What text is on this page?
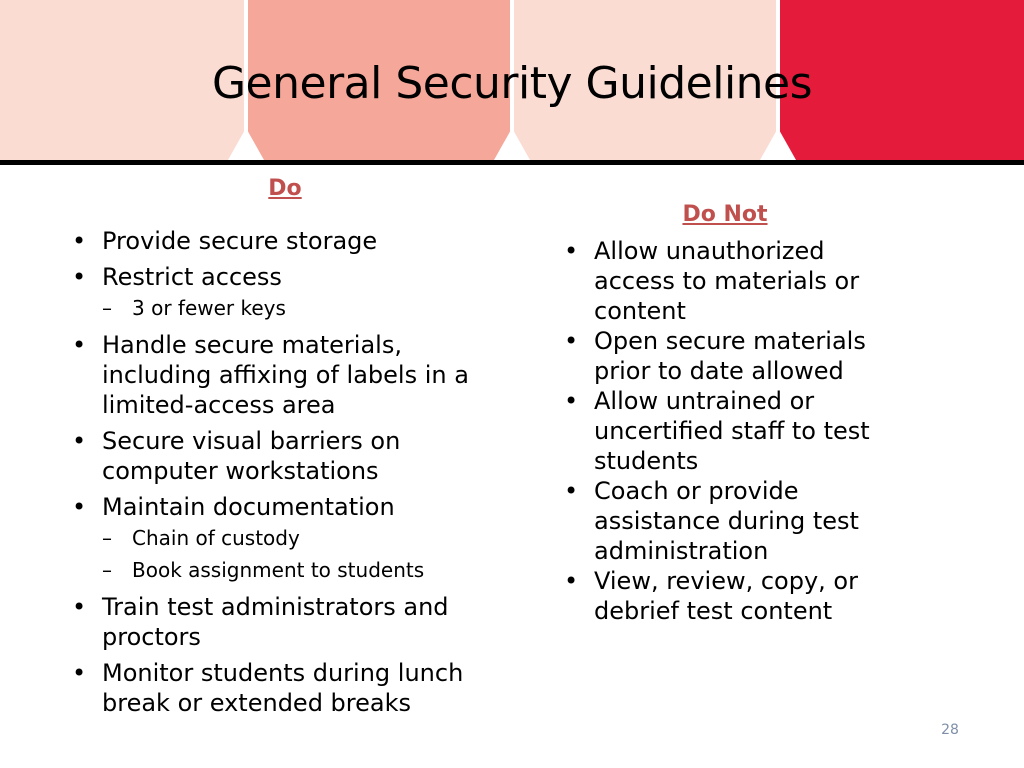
General Security Guidelines
Do
• Provide secure storage
• Restrict access
– 3 or fewer keys
• Handle secure materials, including affixing of labels in a limited-access area
• Secure visual barriers on computer workstations
• Maintain documentation
– Chain of custody
– Book assignment to students
• Train test administrators and proctors
• Monitor students during lunch break or extended breaks
Do Not
• Allow unauthorized access to materials or content
• Open secure materials prior to date allowed
• Allow untrained or uncertified staff to test students
• Coach or provide assistance during test administration
• View, review, copy, or debrief test content
28
